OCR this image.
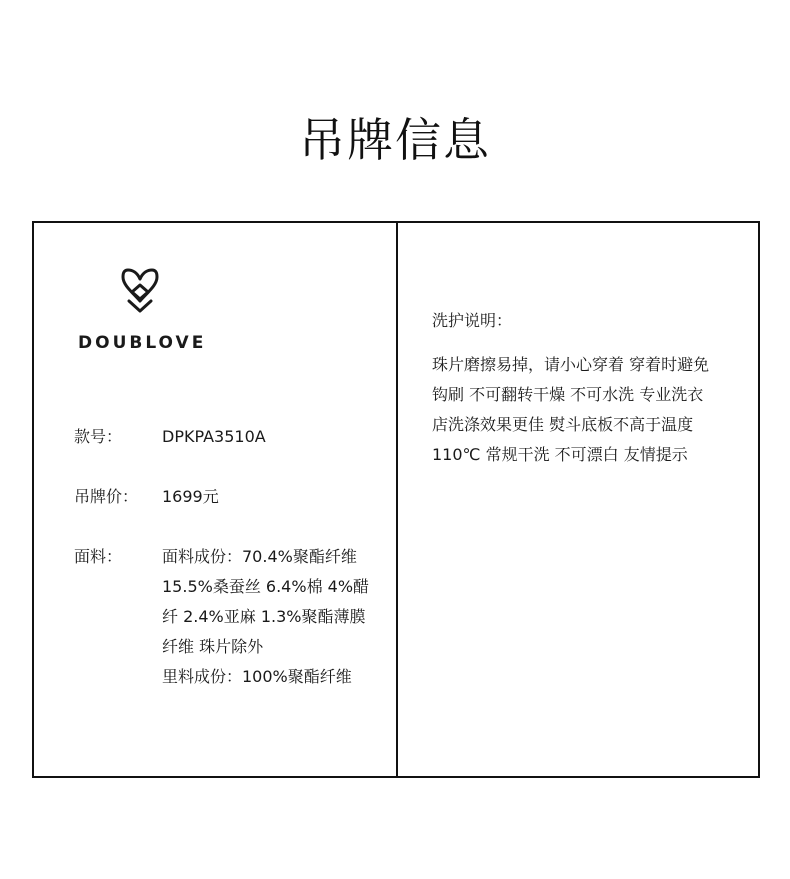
吊牌信息
DOUBLOVE
款号：	DPKPA3510A
吊牌价：	1699元
面料：	面料成份：70.4%聚酯纤维
15.5%桑蚕丝 6.4%棉 4%醋
纤 2.4%亚麻 1.3%聚酯薄膜
纤维 珠片除外
里料成份：100%聚酯纤维
洗护说明：
珠片磨擦易掉，请小心穿着 穿着时避免
钩刷 不可翻转干燥 不可水洗 专业洗衣
店洗涤效果更佳 熨斗底板不高于温度
110℃ 常规干洗 不可漂白 友情提示
